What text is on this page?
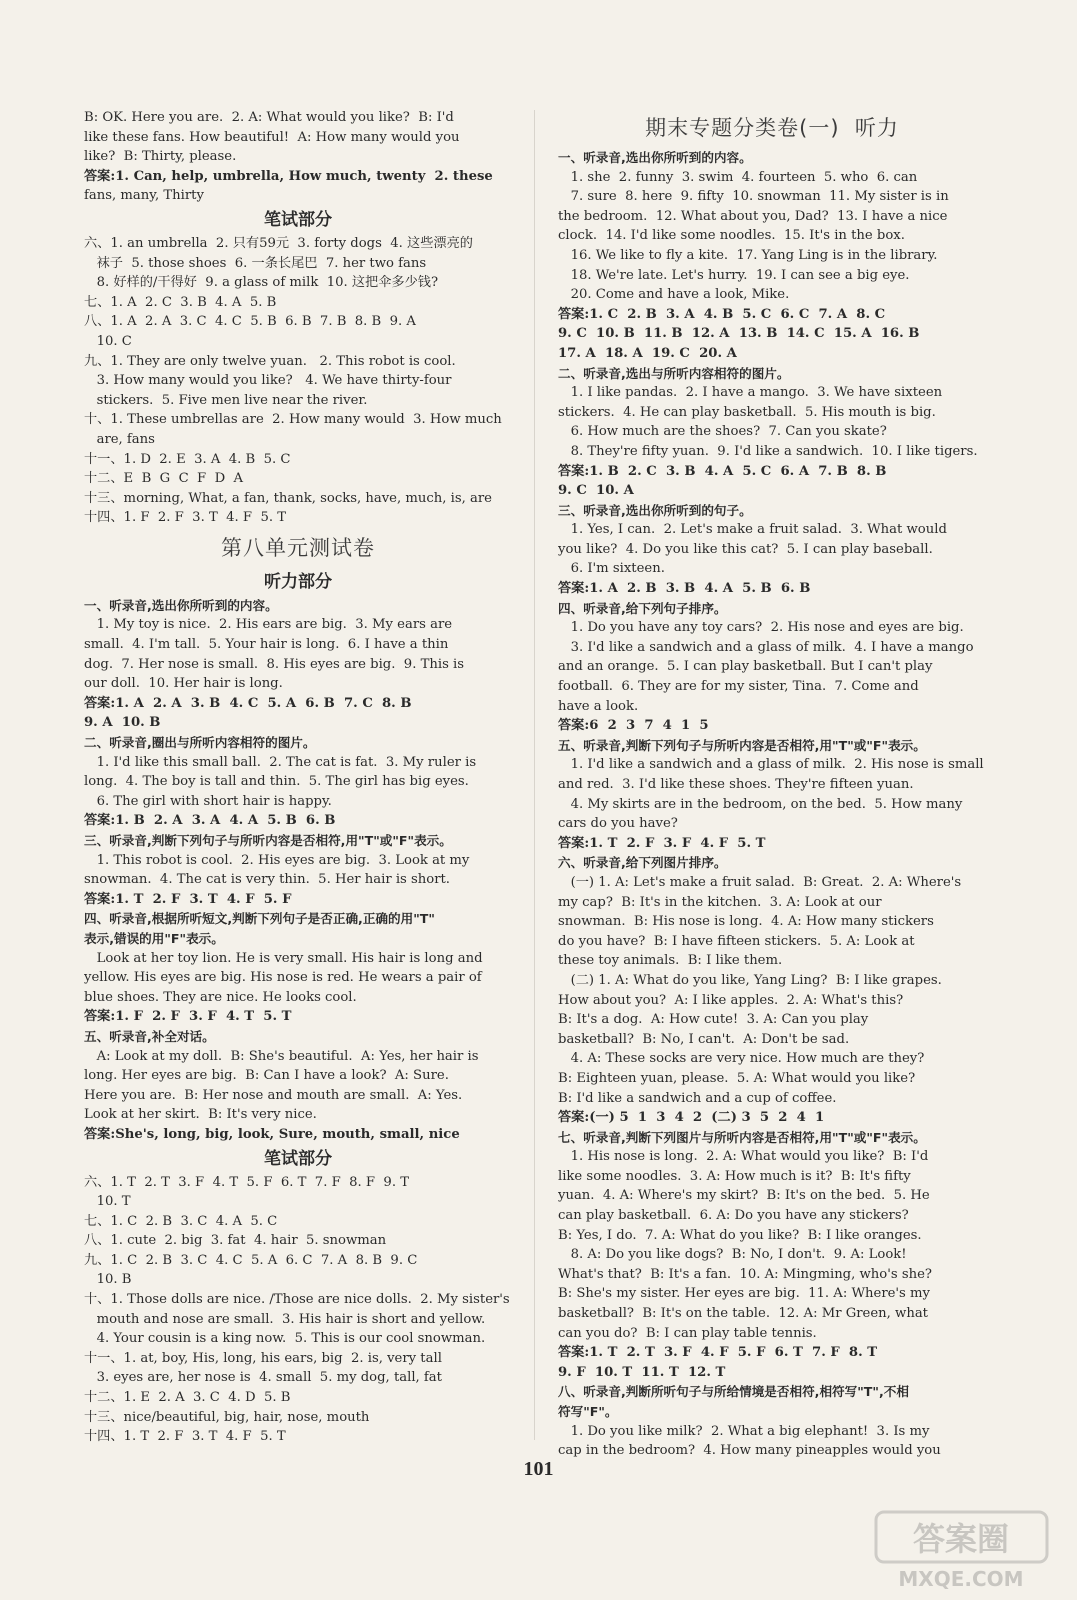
B: OK. Here you are.  2. A: What would you like?  B: I'd
like these fans. How beautiful!  A: How many would you
like?  B: Thirty, please.
答案:1. Can, help, umbrella, How much, twenty  2. these
fans, many, Thirty
笔试部分
六、1. an umbrella  2. 只有59元  3. forty dogs  4. 这些漂亮的
袜子  5. those shoes  6. 一条长尾巴  7. her two fans
8. 好样的/干得好  9. a glass of milk  10. 这把伞多少钱?
七、1. A  2. C  3. B  4. A  5. B
八、1. A  2. A  3. C  4. C  5. B  6. B  7. B  8. B  9. A
10. C
九、1. They are only twelve yuan.   2. This robot is cool.
3. How many would you like?   4. We have thirty-four
stickers.  5. Five men live near the river.
十、1. These umbrellas are  2. How many would  3. How much
are, fans
十一、1. D  2. E  3. A  4. B  5. C
十二、E  B  G  C  F  D  A
十三、morning, What, a fan, thank, socks, have, much, is, are
十四、1. F  2. F  3. T  4. F  5. T
第八单元测试卷
听力部分
一、听录音,选出你所听到的内容。
1. My toy is nice.  2. His ears are big.  3. My ears are
small.  4. I'm tall.  5. Your hair is long.  6. I have a thin
dog.  7. Her nose is small.  8. His eyes are big.  9. This is
our doll.  10. Her hair is long.
答案:1. A  2. A  3. B  4. C  5. A  6. B  7. C  8. B
9. A  10. B
二、听录音,圈出与所听内容相符的图片。
1. I'd like this small ball.  2. The cat is fat.  3. My ruler is
long.  4. The boy is tall and thin.  5. The girl has big eyes.
6. The girl with short hair is happy.
答案:1. B  2. A  3. A  4. A  5. B  6. B
三、听录音,判断下列句子与所听内容是否相符,用"T"或"F"表示。
1. This robot is cool.  2. His eyes are big.  3. Look at my
snowman.  4. The cat is very thin.  5. Her hair is short.
答案:1. T  2. F  3. T  4. F  5. F
四、听录音,根据所听短文,判断下列句子是否正确,正确的用"T"
表示,错误的用"F"表示。
Look at her toy lion. He is very small. His hair is long and
yellow. His eyes are big. His nose is red. He wears a pair of
blue shoes. They are nice. He looks cool.
答案:1. F  2. F  3. F  4. T  5. T
五、听录音,补全对话。
A: Look at my doll.  B: She's beautiful.  A: Yes, her hair is
long. Her eyes are big.  B: Can I have a look?  A: Sure.
Here you are.  B: Her nose and mouth are small.  A: Yes.
Look at her skirt.  B: It's very nice.
答案:She's, long, big, look, Sure, mouth, small, nice
笔试部分
六、1. T  2. T  3. F  4. T  5. F  6. T  7. F  8. F  9. T
10. T
七、1. C  2. B  3. C  4. A  5. C
八、1. cute  2. big  3. fat  4. hair  5. snowman
九、1. C  2. B  3. C  4. C  5. A  6. C  7. A  8. B  9. C
10. B
十、1. Those dolls are nice. /Those are nice dolls.  2. My sister's
mouth and nose are small.  3. His hair is short and yellow.
4. Your cousin is a king now.  5. This is our cool snowman.
十一、1. at, boy, His, long, his ears, big  2. is, very tall
3. eyes are, her nose is  4. small  5. my dog, tall, fat
十二、1. E  2. A  3. C  4. D  5. B
十三、nice/beautiful, big, hair, nose, mouth
十四、1. T  2. F  3. T  4. F  5. T
期末专题分类卷(一)  听力
一、听录音,选出你所听到的内容。
1. she  2. funny  3. swim  4. fourteen  5. who  6. can
7. sure  8. here  9. fifty  10. snowman  11. My sister is in
the bedroom.  12. What about you, Dad?  13. I have a nice
clock.  14. I'd like some noodles.  15. It's in the box.
16. We like to fly a kite.  17. Yang Ling is in the library.
18. We're late. Let's hurry.  19. I can see a big eye.
20. Come and have a look, Mike.
答案:1. C  2. B  3. A  4. B  5. C  6. C  7. A  8. C
9. C  10. B  11. B  12. A  13. B  14. C  15. A  16. B
17. A  18. A  19. C  20. A
二、听录音,选出与所听内容相符的图片。
1. I like pandas.  2. I have a mango.  3. We have sixteen
stickers.  4. He can play basketball.  5. His mouth is big.
6. How much are the shoes?  7. Can you skate?
8. They're fifty yuan.  9. I'd like a sandwich.  10. I like tigers.
答案:1. B  2. C  3. B  4. A  5. C  6. A  7. B  8. B
9. C  10. A
三、听录音,选出你所听到的句子。
1. Yes, I can.  2. Let's make a fruit salad.  3. What would
you like?  4. Do you like this cat?  5. I can play baseball.
6. I'm sixteen.
答案:1. A  2. B  3. B  4. A  5. B  6. B
四、听录音,给下列句子排序。
1. Do you have any toy cars?  2. His nose and eyes are big.
3. I'd like a sandwich and a glass of milk.  4. I have a mango
and an orange.  5. I can play basketball. But I can't play
football.  6. They are for my sister, Tina.  7. Come and
have a look.
答案:6  2  3  7  4  1  5
五、听录音,判断下列句子与所听内容是否相符,用"T"或"F"表示。
1. I'd like a sandwich and a glass of milk.  2. His nose is small
and red.  3. I'd like these shoes. They're fifteen yuan.
4. My skirts are in the bedroom, on the bed.  5. How many
cars do you have?
答案:1. T  2. F  3. F  4. F  5. T
六、听录音,给下列图片排序。
(一) 1. A: Let's make a fruit salad.  B: Great.  2. A: Where's
my cap?  B: It's in the kitchen.  3. A: Look at our
snowman.  B: His nose is long.  4. A: How many stickers
do you have?  B: I have fifteen stickers.  5. A: Look at
these toy animals.  B: I like them.
(二) 1. A: What do you like, Yang Ling?  B: I like grapes.
How about you?  A: I like apples.  2. A: What's this?
B: It's a dog.  A: How cute!  3. A: Can you play
basketball?  B: No, I can't.  A: Don't be sad.
4. A: These socks are very nice. How much are they?
B: Eighteen yuan, please.  5. A: What would you like?
B: I'd like a sandwich and a cup of coffee.
答案:(一) 5  1  3  4  2  (二) 3  5  2  4  1
七、听录音,判断下列图片与所听内容是否相符,用"T"或"F"表示。
1. His nose is long.  2. A: What would you like?  B: I'd
like some noodles.  3. A: How much is it?  B: It's fifty
yuan.  4. A: Where's my skirt?  B: It's on the bed.  5. He
can play basketball.  6. A: Do you have any stickers?
B: Yes, I do.  7. A: What do you like?  B: I like oranges.
8. A: Do you like dogs?  B: No, I don't.  9. A: Look!
What's that?  B: It's a fan.  10. A: Mingming, who's she?
B: She's my sister. Her eyes are big.  11. A: Where's my
basketball?  B: It's on the table.  12. A: Mr Green, what
can you do?  B: I can play table tennis.
答案:1. T  2. T  3. F  4. F  5. F  6. T  7. F  8. T
9. F  10. T  11. T  12. T
八、听录音,判断所听句子与所给情境是否相符,相符写"T",不相
符写"F"。
1. Do you like milk?  2. What a big elephant!  3. Is my
cap in the bedroom?  4. How many pineapples would you
101
答案圈
MXQE.COM
